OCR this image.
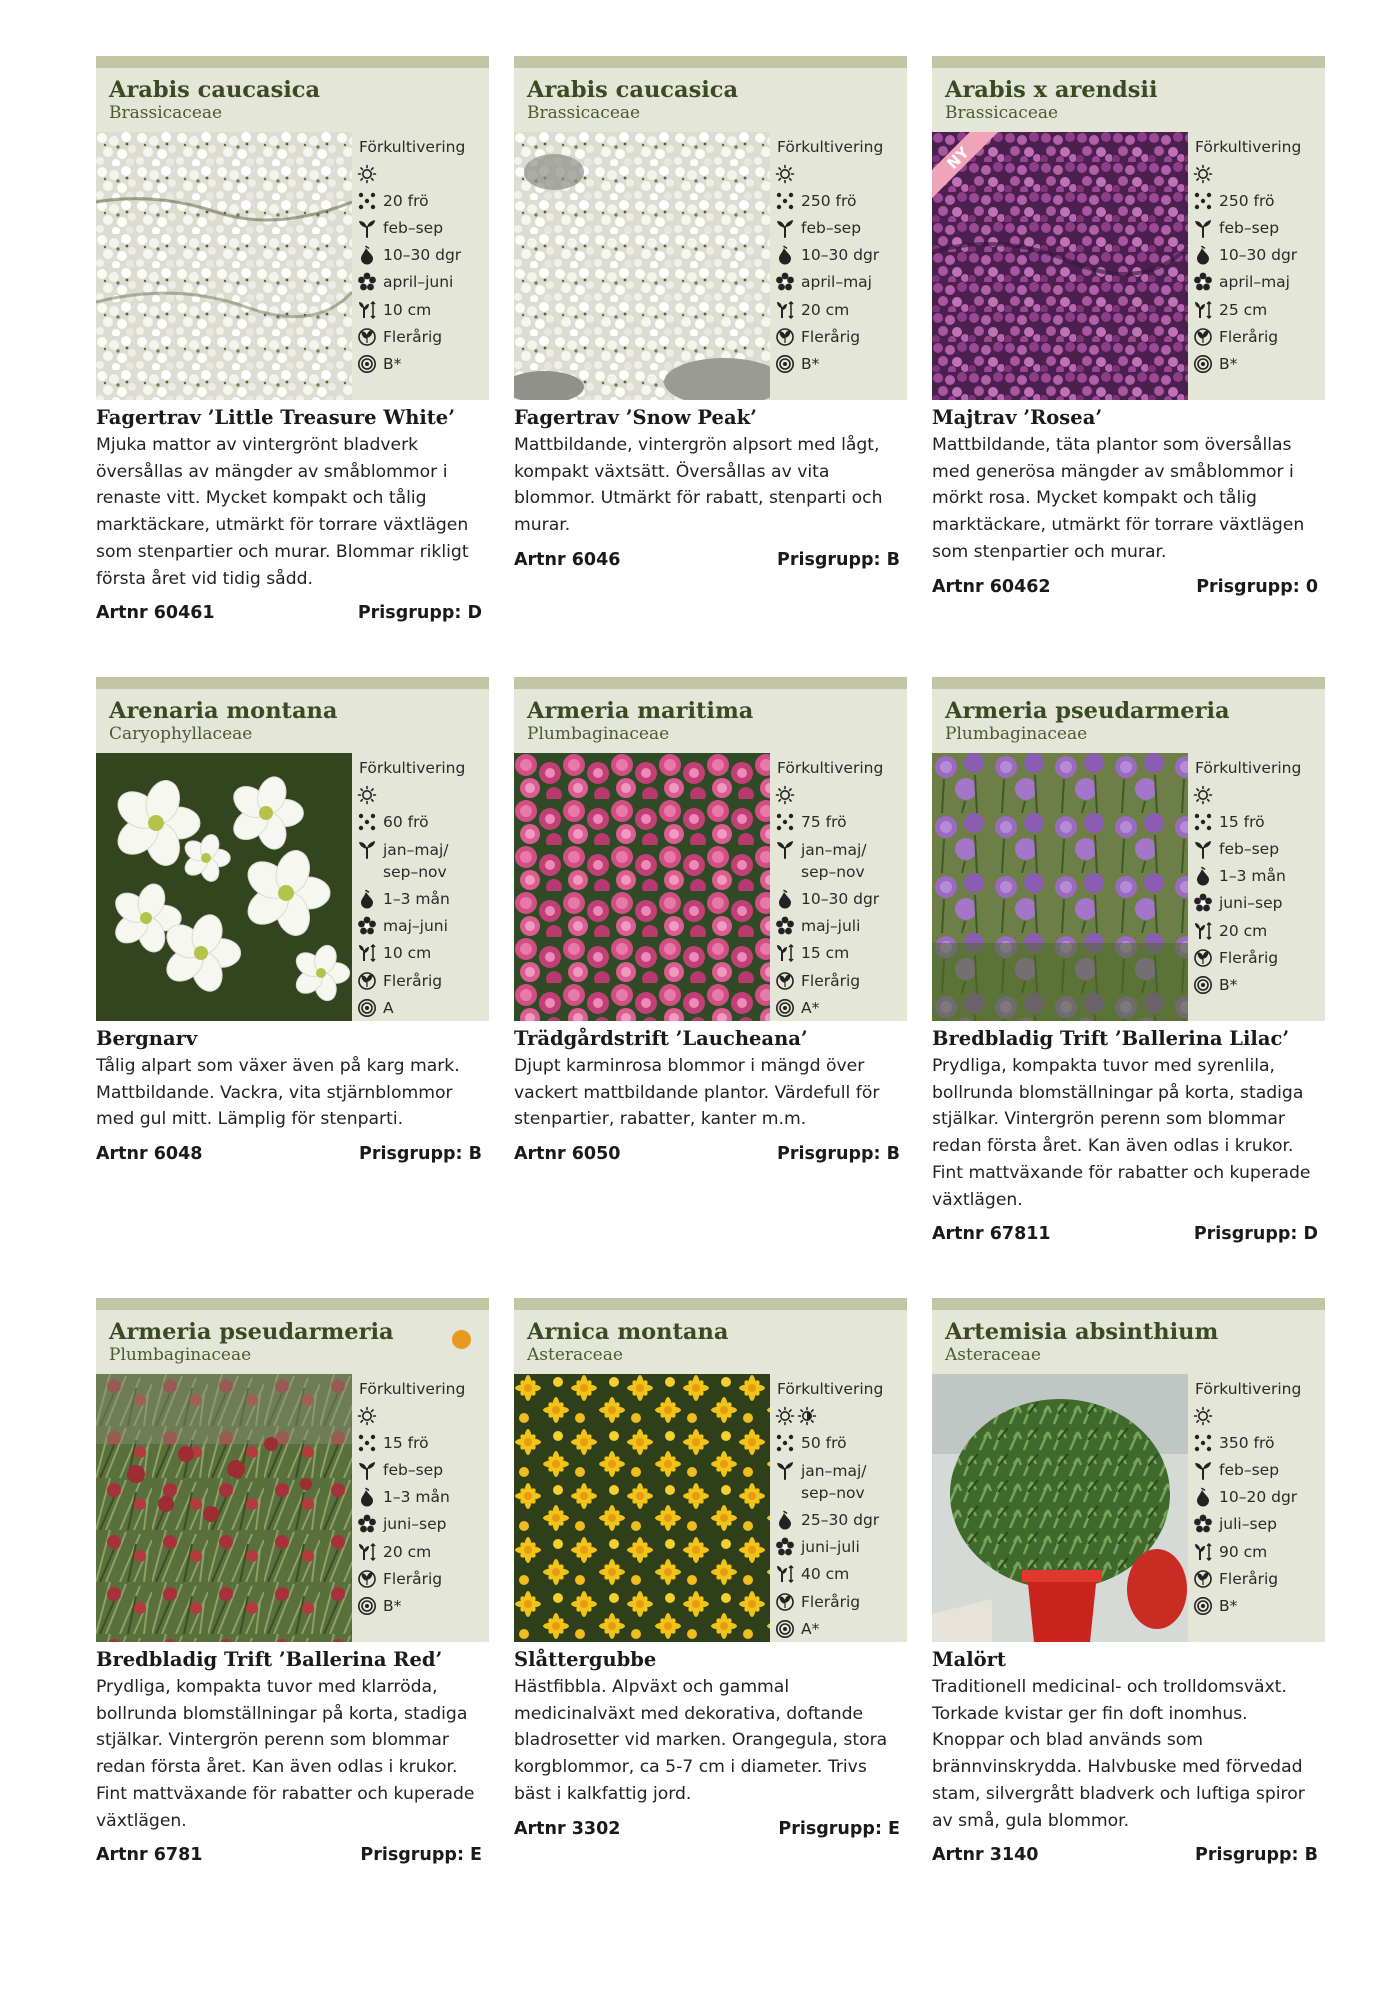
Arabis caucasica
Brassicaceae
Förkultivering
20 frö
feb–sep
10–30 dgr
april–juni
10 cm
Flerårig
B*
Fagertrav ’Little Treasure White’
Mjuka mattor av vintergrönt bladverk översållas av mängder av småblommor i renaste vitt. Mycket kompakt och tålig marktäckare, utmärkt för torrare växtlägen som stenpartier och murar. Blommar rikligt första året vid tidig sådd.
Artnr 60461	Prisgrupp: D
Arabis caucasica
Brassicaceae
Förkultivering
250 frö
feb–sep
10–30 dgr
april–maj
20 cm
Flerårig
B*
Fagertrav ’Snow Peak’
Mattbildande, vintergrön alpsort med lågt, kompakt växtsätt. Översållas av vita blommor. Utmärkt för rabatt, stenparti och murar.
Artnr 6046	Prisgrupp: B
Arabis x arendsii
Brassicaceae
NY	Förkultivering
250 frö
feb–sep
10–30 dgr
april–maj
25 cm
Flerårig
B*
Majtrav ’Rosea’
Mattbildande, täta plantor som översållas med generösa mängder av småblommor i mörkt rosa. Mycket kompakt och tålig marktäckare, utmärkt för torrare växtlägen som stenpartier och murar.
Artnr 60462	Prisgrupp: 0
Arenaria montana
Caryophyllaceae
Förkultivering
60 frö
jan–maj/
sep–nov
1–3 mån
maj–juni
10 cm
Flerårig
A
Bergnarv
Tålig alpart som växer även på karg mark. Mattbildande. Vackra, vita stjärnblommor med gul mitt. Lämplig för stenparti.
Artnr 6048	Prisgrupp: B
Armeria maritima
Plumbaginaceae
Förkultivering
75 frö
jan–maj/
sep–nov
10–30 dgr
maj–juli
15 cm
Flerårig
A*
Trädgårdstrift ’Laucheana’
Djupt karminrosa blommor i mängd över vackert mattbildande plantor. Värdefull för stenpartier, rabatter, kanter m.m.
Artnr 6050	Prisgrupp: B
Armeria pseudarmeria
Plumbaginaceae
Förkultivering
15 frö
feb–sep
1–3 mån
juni–sep
20 cm
Flerårig
B*
Bredbladig Trift ’Ballerina Lilac’
Prydliga, kompakta tuvor med syrenlila, bollrunda blomställningar på korta, stadiga stjälkar. Vintergrön perenn som blommar redan första året. Kan även odlas i krukor. Fint mattväxande för rabatter och kuperade växtlägen.
Artnr 67811	Prisgrupp: D
Armeria pseudarmeria
Plumbaginaceae
Förkultivering
15 frö
feb–sep
1–3 mån
juni–sep
20 cm
Flerårig
B*
Bredbladig Trift ’Ballerina Red’
Prydliga, kompakta tuvor med klarröda, bollrunda blomställningar på korta, stadiga stjälkar. Vintergrön perenn som blommar redan första året. Kan även odlas i krukor. Fint mattväxande för rabatter och kuperade växtlägen.
Artnr 6781	Prisgrupp: E
Arnica montana
Asteraceae
Förkultivering
50 frö
jan–maj/
sep–nov
25–30 dgr
juni–juli
40 cm
Flerårig
A*
Slåttergubbe
Hästfibbla. Alpväxt och gammal medicinalväxt med dekorativa, doftande bladrosetter vid marken. Orangegula, stora korgblommor, ca 5-7 cm i diameter. Trivs bäst i kalkfattig jord.
Artnr 3302	Prisgrupp: E
Artemisia absinthium
Asteraceae
Förkultivering
350 frö
feb–sep
10–20 dgr
juli–sep
90 cm
Flerårig
B*
Malört
Traditionell medicinal- och trolldomsväxt. Torkade kvistar ger fin doft inomhus. Knoppar och blad används som brännvinskrydda. Halvbuske med förvedad stam, silvergrått bladverk och luftiga spiror av små, gula blommor.
Artnr 3140	Prisgrupp: B
